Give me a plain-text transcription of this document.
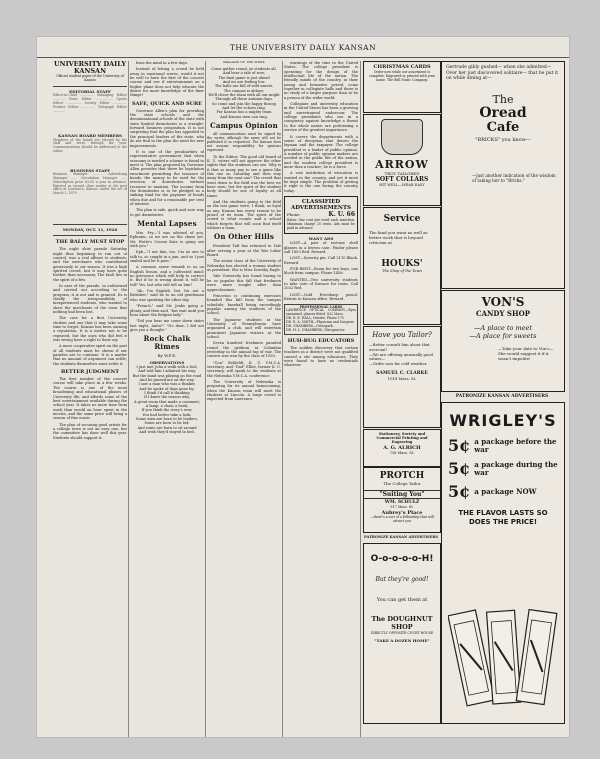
THE UNIVERSITY DAILY KANSAN
UNIVERSITY DAILY KANSAN
Official student paper of the University of Kansas
EDITORIAL STAFF
Editor-in-Chief ............. Managing Editor ............ News Editor ................. Sports Editor ............... Society Editor .............. Feature Editor .............. Telegraph Editor ............
KANSAN BOARD MEMBERS
Members of the board are elected by the staff and serve through the year. Communications should be addressed to the editor.
BUSINESS STAFF
Business Manager ......... Advertising Manager ...... Circulation Manager ...... Subscription price $3.00 a year in advance. Entered as second class matter at the post office at Lawrence, Kansas, under the act of March 3, 1879.
MONDAY, OCT. 11, 1926
THE RALLY MUST STOP

The night shirt parade Saturday night thus beginning to run out of control, was a real affront to students, and the merchants who contributed generously to our season. It was a high spirited crowd, but it may have gone further than necessary. The fault lies in the spirit of a few.

In case of the parade, so authorized and carried out according to the program, it is not and is granted. Its is chiefly the irresponsibility of inexperienced students, who wanted to show the merchants of the town that nothing had been lost.

The case for a first University student and one that it may take some time to forget. Kansas has been earning a reputation. It is a matter not to be repeated, but the ones who did feel it was wrong have a right to their say.

A more cooperative spirit on the part of all students must be shown if our parades are to continue. It is a matter that no amount of argument can settle; the students themselves must settle it.

BETTER JUDGMENT

The first number of the concert course will take place in a few weeks. The course is one of the most broadening and educational phases of University life, and affords some of the best entertainment available during the school year. It takes no more time from work than would an hour spent in the movies, and the same price will bring a season of fine music.

The plan of securing good artists for a college town is not an easy one, but the committee has done well this year. Students should support it.

from the mind in a few days.

Instead of letting a crowd be held away in emotional waves, would it not be well to have the first of the concert course and see if entertainment on a higher plane does not help educate the desire for more knowledge of the finer things?

SAFE, QUICK AND SURE

Governor Allen's plan for providing the state schools and the denominational schools of the state with state funded dormitories is a straight-forward business proposition. It is not surprising that the plan has appealed to the principal leaders of the state, who do not find in the plan the need for new improvements.

It is one of the peculiarities of representative government that when economy is needed a scheme is found to meet it. The plan proposed by Governor Allen provides that there be legislation enactment permitting the issuance of bonds, the money to be used for the erection of dormitories without recourse to taxation. The income from the dormitories is to be pledged as a sinking fund for the payment of bonds when due and for a reasonable per cent of interest.

The plan is safe, quick and sure way to get dormitories.

Mental Lapses

Mrs. Pry—"I was advised of you, Ephraim, so we are on the chase yet. Mr. Wotte's Cousin Kate is going out with you."

Eph—"I see him, too. I'm no one to talk to, so caught in a jam, and so I just smiled and let it pass."

A common sense remark to us on English lesson, and a cultivated mind: no grievance which will help to correct it. But if he is wrong about it, will he tell? Yes, but who will tell on him?

"Ah, I'm English, but I'm not a Britisher," said he to an old gentleman who was speaking the other day.

"French," said Mr. Jenks going a-plenty, and then said, "but wait until you hear about the Belgian lady."

"Did you hear me come down stairs last night, Anita?" "No dear, I did not give you a thought."

Rock Chalk Rimes
By W.F.E.
OBSERVATIONS
I just met John a-walk with a fool,
And told him I admired his way,
But the band was playing on the road
And he passed me on the way.
I saw a man who was a thinker,
And he spoke of days gone by;
I think I'd call it thinking
If I knew the reason why.
A great room that made a comment,
A lamp, a chair, a book;
If you think the story's over,
You had better take a look.
Some men are born to be leaders,
Some are born to be led,
And some are born to sit around
And wish they'd stayed in bed.
BALLADE OF THE WEEK
Come gather round, ye students all,
And hear a tale of woe;
The final game is just ahead
And we are feeling low.
The halls are full of wild unrest,
The campus is ablaze;
We'll cheer the team with all our might
Through all these autumn days.
So come and join the happy throng
And let the echoes ring,
For Kansas has a mighty team
And Kansas men can sing.
Campus Opinion

All communications must be signed by the writer, although the name will not be published if so requested. The Kansan does not assume responsibility for opinions expressed.

To the Editor: The good old board of K. U. voters will not approve the other sights that the students can see. Why is it that so many pay to see a game like this one on Saturday and then stay away from the next one? The crowd that went down to the field was the best we have seen, but the spirit of the student body should be one of loyalty at all times.

And the students going to the field on the last game were, I think, as loyal as any. Kansas has every reason to be proud of its team. The spirit of the crowd is what counts and a school which forgets that will soon find itself without a team.

On Other Hills

President Taft has returned to Yale after serving a year at the War Labor Board.

The senior class of the University of Nebraska has elected a woman student as president. She is Miss Dorothy Eagle.

Yale University has found hazing to be so popular this fall that freshmen were more sought after than upperclassmen.

Princeton is continuing exercises founded this fall from the campus schedule; baseball being exceedingly popular among the students of the school.

The Japanese students at the University of Pennsylvania have organized a club, and will entertain prominent Japanese visitors at the school.

Seven hundred freshmen paraded round the gridiron at Columbia yesterday in the annual tug of war. The contest was won by the class of 1930.

"Con" Rehfeldt, K. U. Y.M.C.A. secretary, and "Dad" Elliot, former K. U. secretary, will speak to the students at the Nebraska Y.M.C.A. conference.

The University of Nebraska is preparing for its annual homecoming, when the Kansas team will meet the Huskers at Lincoln. A large crowd is expected from Lawrence.

warnings of the time in the United States. The college president is operating for the design of the intellectual life of the nation. The friendly minds of the country, in their young and formative period, come together in collegiate halls and there is no study of a larger purpose than to be a person of the wider world.

Collegiate and university education in the United States has been a growing and unrestrained endeavour. The college presidents who see in a conspiracy against knowledge a threat to the whole nation are performing a service of the greatest importance.

It covers the departments with a sense of deception that denies the layman and the taxpayer. The college president is a leader of public opinion. A number of public opinion makers are needed in the public life of the nation, and the modern college president is more than a teacher; he is a force.

A vast institution of education is wanted in the country, and yet it must be kept simple. The problem of getting it right is the one facing the country today.

CLASSIFIED ADVERTISEMENTS
Phone	K. U. 66
Rates: One cent per word each insertion. Minimum charge 25 cents. Ads must be paid in advance.
WANT ADS

LOST—A pair of tortoise shell glasses in a brown case. Finder please call 1853 Red. Reward.

LOST—Sorority pin. Call 2110 Black. Reward.

FOR RENT—Room for two boys, one block from campus. Phone 1456.

WANTED—Two university students to take care of furnace for room. Call 2032 Red.

LOST—Gold Eversharp pencil. Return to Kansan office. Reward.

PROFESSIONAL CARDS
LAWRENCE OPTICAL COMPANY—Eyes examined, glasses fitted. 832 Mass.
DR. R. E. HALL, Dentist. Phone 175.
DR. E. A. SMITH—Physician and Surgeon.
DR. CHAMBERS—Osteopath.
DR. H. L. CHAMBERS, Chiropractor.
HUH-BUG EDUCATORS

The sudden discovery that certain teachers in a district were not qualified caused a stir among educators. They were found to have no credentials whatever.

CHRISTMAS CARDS
Order now while our assortment is complete. Engraved or printed with your name. The Bell Music Company.
ARROW
TROY TAILORED
SOFT COLLARS
HIT WELL—WEAR EASY
Service
The kind you want as well as better work that is beyond criticism at
HOUKS'
The Shop of the Town
Have you Tailor?
—Better consult him about that overcoat!
—We are offering unusually good values—
—Order now for cold weather.
SAMUEL C. CLARKE
1018 Mass. St.
Stationery, Society and Commercial Printing and Engraving
A. G. ALRICH
736 Mass. St.
PROTCH
The College Tailor
"Suiting You"
WM. SCHULZ
917 Mass. St.
Aubrey's Place
—there's a sort of a fellowship that will attract you
Gertrude gibly gushed— when she admitted— Over her just discovered solitaire— that he put it on while dining at—
The
Oread
Cafe
"BRICKS" you know—
—just another indication of the wisdom of taking her to "Bricks."
VON'S
CANDY SHOP
—A place to meet
—A place for sweets
—Take your date to Von's— She would suggest it if it wasn't impolite!
PATRONIZE KANSAN ADVERTISERS
WRIGLEY'S
5¢ a package before the war
5¢ a package during the war
5¢ a package NOW
THE FLAVOR LASTS SO DOES THE PRICE!
PATRONIZE KANSAN ADVERTISERS
O-o-o-o-o-H!
But they're good!
You can get them at
The DOUGHNUT SHOP
DIRECTLY OPPOSITE COURT HOUSE
"TAKE A DOZEN HOME"
